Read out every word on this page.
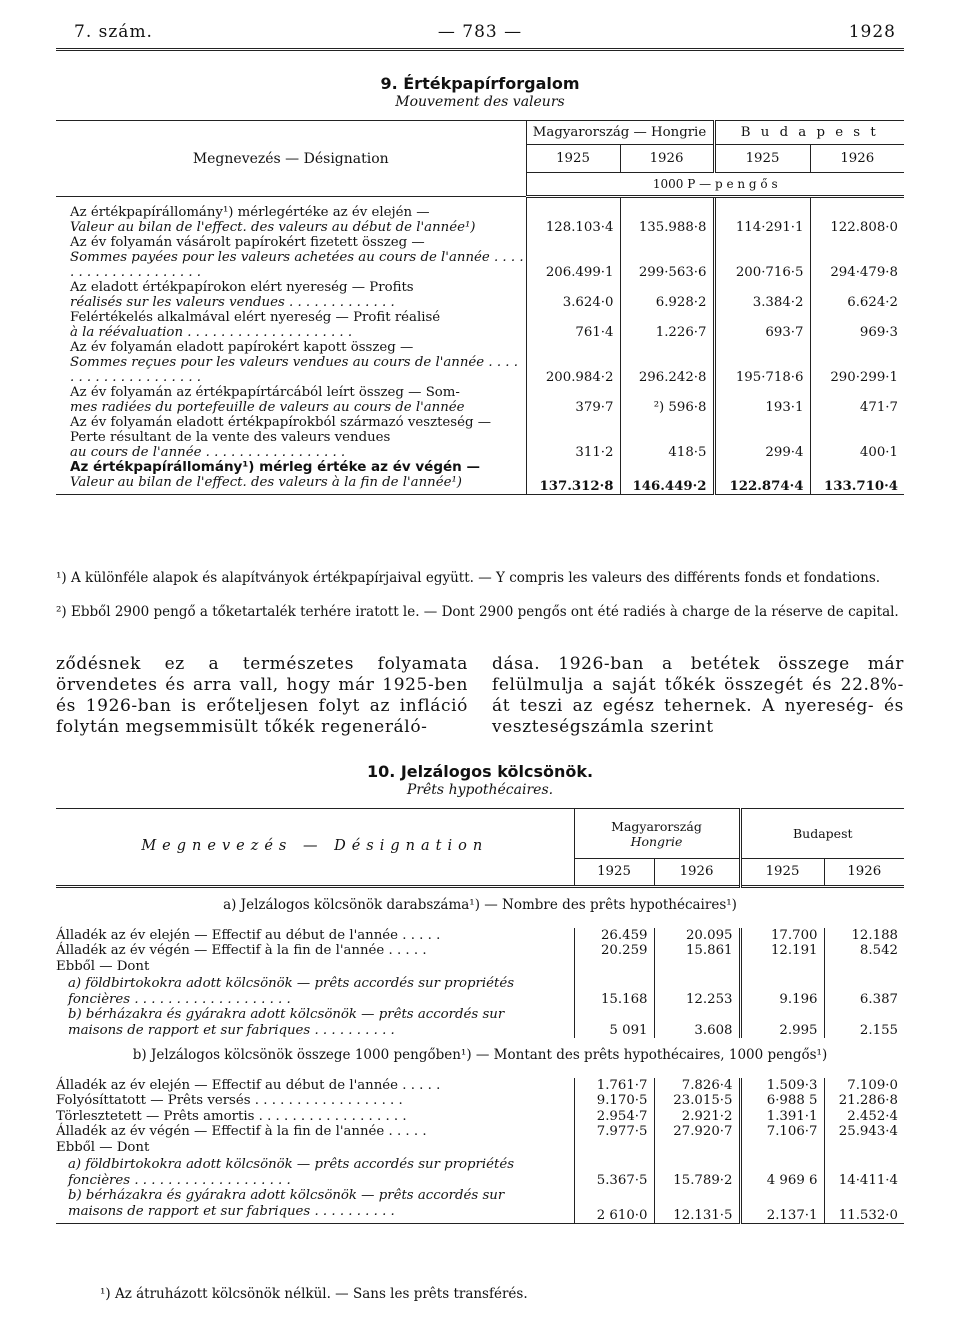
7. szám.	— 783 —	1928
9. Értékpapírforgalom
Mouvement des valeurs
Megnevezés — Désignation	Magyarország — Hongrie		B u d a p e s t	
	1925	1926	1925	1926
	1000 P — p e n g ő s			

Az értékpapírállomány¹) mérlegértéke az év elején —
Valeur au bilan de l'effect. des valeurs au début de l'année¹)	128.103·4	135.988·8	114·291·1	122.808·0

Az év folyamán vásárolt papírokért fizetett összeg —
Sommes payées pour les valeurs achetées au cours de l'année . . . . . . . . . . . . . . . . . . . .	206.499·1	299·563·6	200·716·5	294·479·8

Az eladott értékpapírokon elért nyereség — Profits
réalisés sur les valeurs vendues . . . . . . . . . . . . .	3.624·0	6.928·2	3.384·2	6.624·2

Felértékelés alkalmával elért nyereség — Profit réalisé
à la réévaluation . . . . . . . . . . . . . . . . . . . .	761·4	1.226·7	693·7	969·3

Az év folyamán eladott papírokért kapott összeg —
Sommes reçues pour les valeurs vendues au cours de l'année . . . . . . . . . . . . . . . . . . . .	200.984·2	296.242·8	195·718·6	290·299·1

Az év folyamán az értékpapírtárcából leírt összeg — Som-
mes radiées du portefeuille de valeurs au cours de l'année	379·7	²) 596·8	193·1	471·7

Az év folyamán eladott értékpapírokból származó veszteség — Perte résultant de la vente des valeurs vendues
au cours de l'année . . . . . . . . . . . . . . . . .	311·2	418·5	299·4	400·1

Az értékpapírállomány¹) mérleg értéke az év végén —
Valeur au bilan de l'effect. des valeurs à la fin de l'année¹)	137.312·8	146.449·2	122.874·4	133.710·4
¹) A különféle alapok és alapítványok értékpapírjaival együtt. — Y compris les valeurs des différents fonds et fondations.
²) Ebből 2900 pengő a tőketartalék terhére iratott le. — Dont 2900 pengős ont été radiés à charge de la réserve de capital.
ződésnek ez a természetes folyamata örvendetes és arra vall, hogy már 1925-ben és 1926-ban is erőteljesen folyt az infláció folytán megsemmisült tőkék regeneráló-
dása. 1926-ban a betétek összege már felülmulja a saját tőkék összegét és 22.8%-át teszi az egész tehernek. A nyereség- és veszteségszámla szerint
10. Jelzálogos kölcsönök.
Prêts hypothécaires.
Megnevezés — Désignation	Magyarország
Hongrie		Budapest	
	1925	1926	1925	1926
a) Jelzálogos kölcsönök darabszáma¹) — Nombre des prêts hypothécaires¹)				
Álladék az év elején — Effectif au début de l'année . . . . .	26.459	20.095	17.700	12.188
Álladék az év végén — Effectif à la fin de l'année . . . . .	20.259	15.861	12.191	8.542
Ebből — Dont				
a) földbirtokokra adott kölcsönök — prêts accordés sur propriétés foncières . . . . . . . . . . . . . . . . . . .	15.168	12.253	9.196	6.387
b) bérházakra és gyárakra adott kölcsönök — prêts accordés sur maisons de rapport et sur fabriques . . . . . . . . . .	5 091	3.608	2.995	2.155
b) Jelzálogos kölcsönök összege 1000 pengőben¹) — Montant des prêts hypothécaires, 1000 pengős¹)				
Álladék az év elején — Effectif au début de l'année . . . . .	1.761·7	7.826·4	1.509·3	7.109·0
Folyósíttatott — Prêts versés . . . . . . . . . . . . . . . . . .	9.170·5	23.015·5	6·988 5	21.286·8
Törlesztetett — Prêts amortis . . . . . . . . . . . . . . . . . .	2.954·7	2.921·2	1.391·1	2.452·4
Álladék az év végén — Effectif à la fin de l'année . . . . .	7.977·5	27.920·7	7.106·7	25.943·4
Ebből — Dont				
a) földbirtokokra adott kölcsönök — prêts accordés sur propriétés foncières . . . . . . . . . . . . . . . . . . .	5.367·5	15.789·2	4 969 6	14·411·4
b) bérházakra és gyárakra adott kölcsönök — prêts accordés sur maisons de rapport et sur fabriques . . . . . . . . . .	2 610·0	12.131·5	2.137·1	11.532·0
¹) Az átruházott kölcsönök nélkül. — Sans les prêts transférés.
